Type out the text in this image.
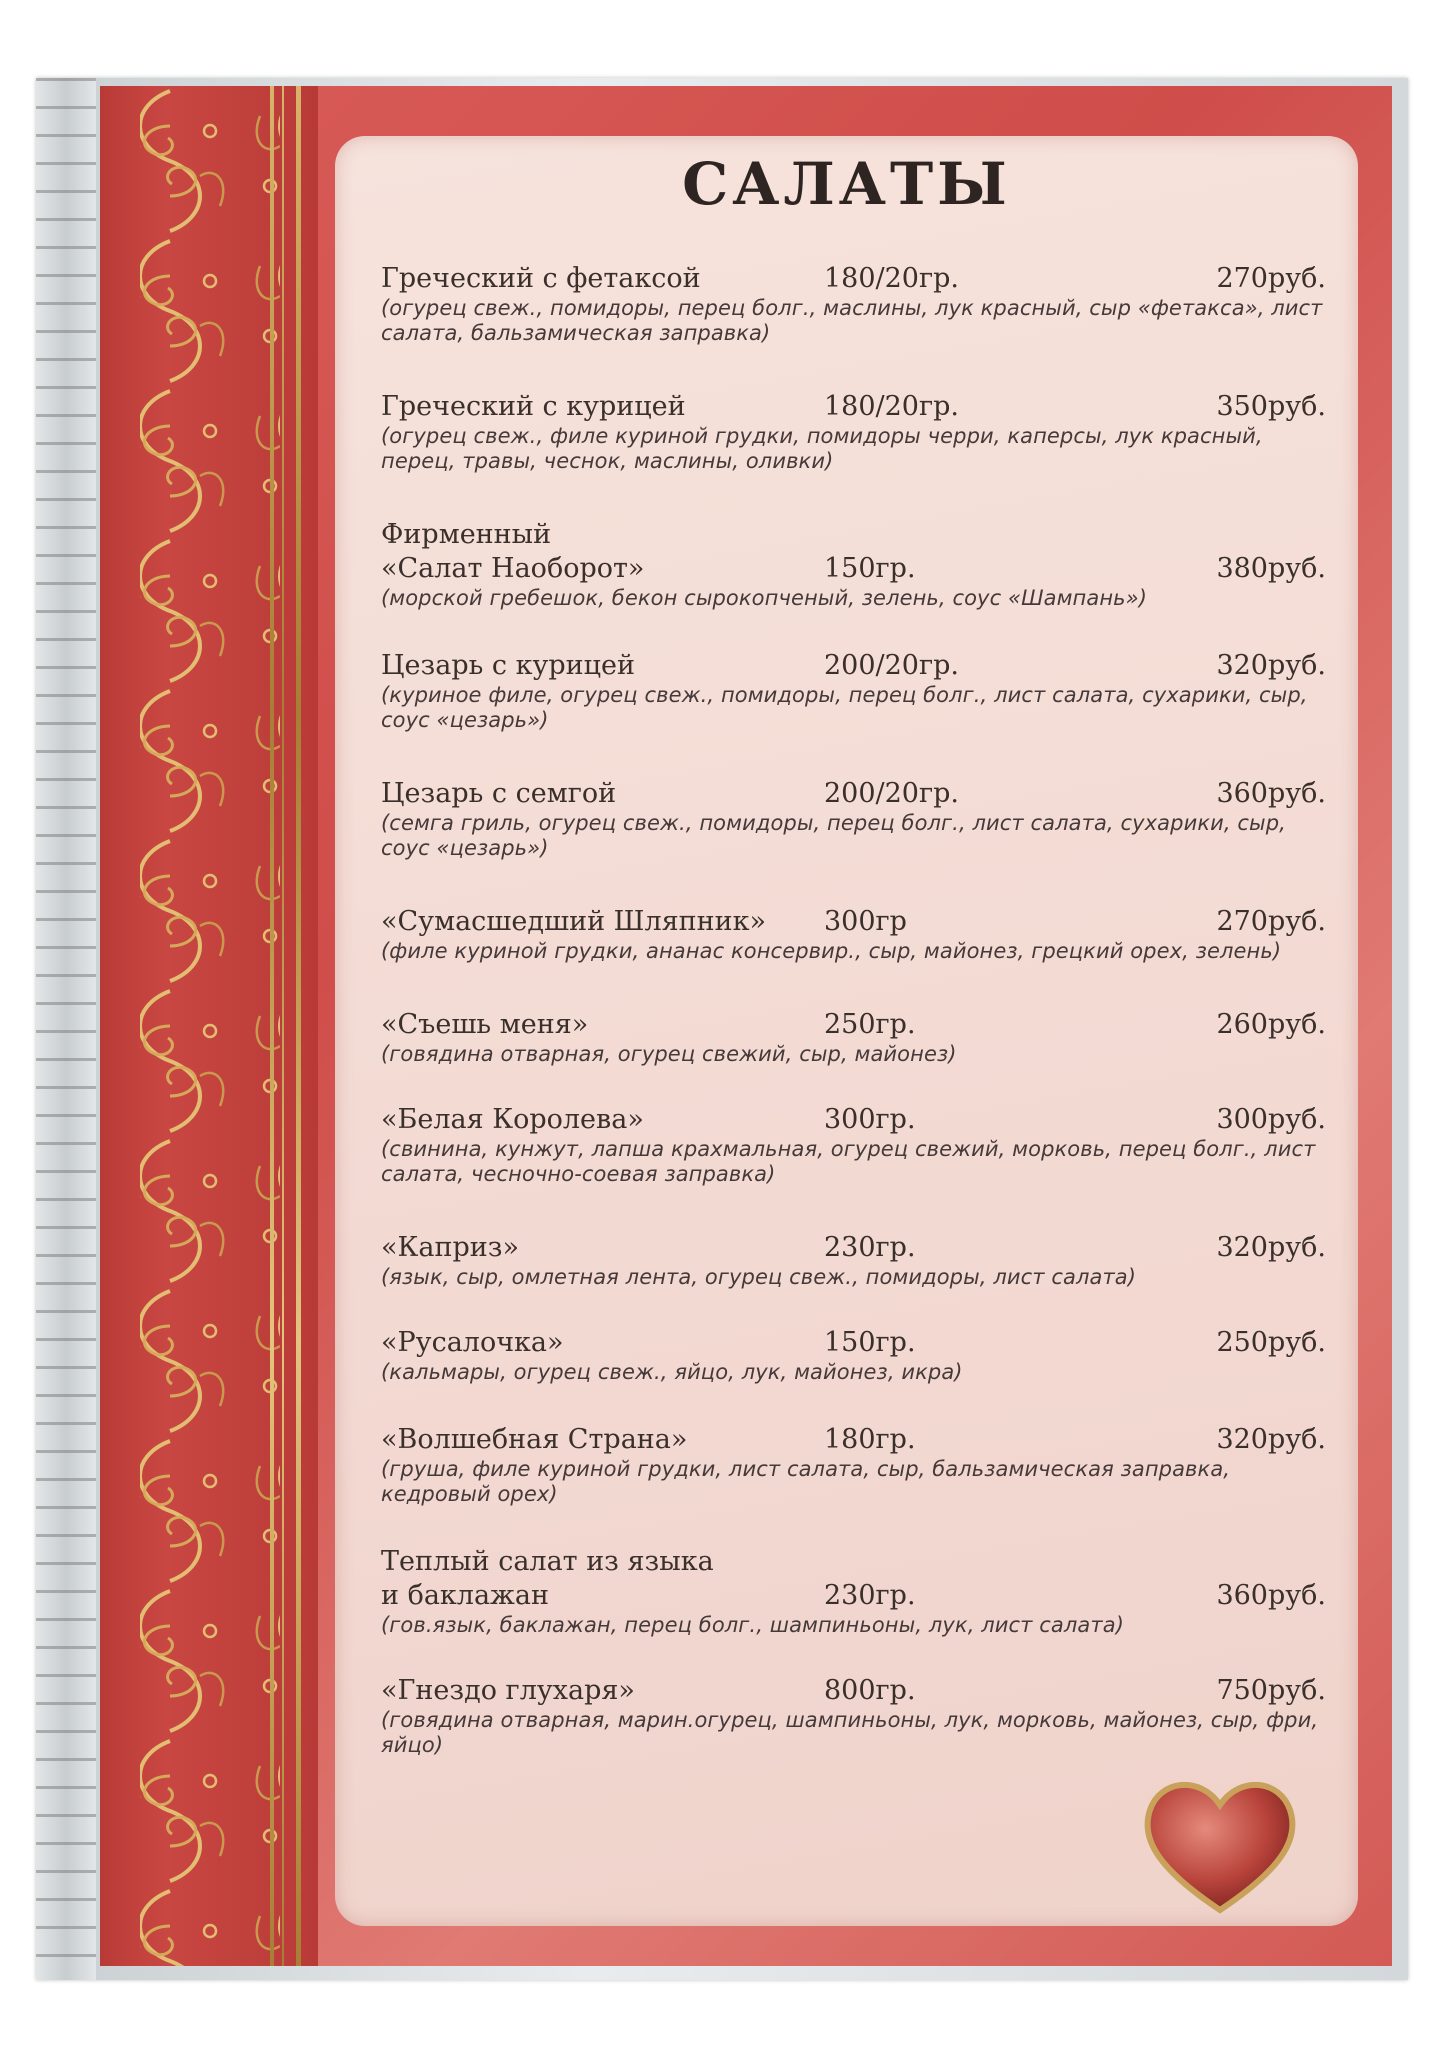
САЛАТЫ
Греческий с фетаксой	180/20гр.	270руб.

(огурец свеж., помидоры, перец болг., маслины, лук красный, сыр «фетакса», лист салата, бальзамическая заправка)

Греческий с курицей	180/20гр.	350руб.

(огурец свеж., филе куриной грудки, помидоры черри, каперсы, лук красный, перец, травы, чеснок, маслины, оливки)

Фирменный
«Салат Наоборот»	150гр.	380руб.

(морской гребешок, бекон сырокопченый, зелень, соус «Шампань»)

Цезарь с курицей	200/20гр.	320руб.

(куриное филе, огурец свеж., помидоры, перец болг., лист салата, сухарики, сыр, соус «цезарь»)

Цезарь с семгой	200/20гр.	360руб.

(семга гриль, огурец свеж., помидоры, перец болг., лист салата, сухарики, сыр, соус «цезарь»)

«Сумасшедший Шляпник»	300гр	270руб.

(филе куриной грудки, ананас консервир., сыр, майонез, грецкий орех, зелень)

«Съешь меня»	250гр.	260руб.

(говядина отварная, огурец свежий, сыр, майонез)

«Белая Королева»	300гр.	300руб.

(свинина, кунжут, лапша крахмальная, огурец свежий, морковь, перец болг., лист салата, чесночно-соевая заправка)

«Каприз»	230гр.	320руб.

(язык, сыр, омлетная лента, огурец свеж., помидоры, лист салата)

«Русалочка»	150гр.	250руб.

(кальмары, огурец свеж., яйцо, лук, майонез, икра)

«Волшебная Страна»	180гр.	320руб.

(груша, филе куриной грудки, лист салата, сыр, бальзамическая заправка, кедровый орех)

Теплый салат из языка
и баклажан	230гр.	360руб.

(гов.язык, баклажан, перец болг., шампиньоны, лук, лист салата)

«Гнездо глухаря»	800гр.	750руб.

(говядина отварная, марин.огурец, шампиньоны, лук, морковь, майонез, сыр, фри, яйцо)
